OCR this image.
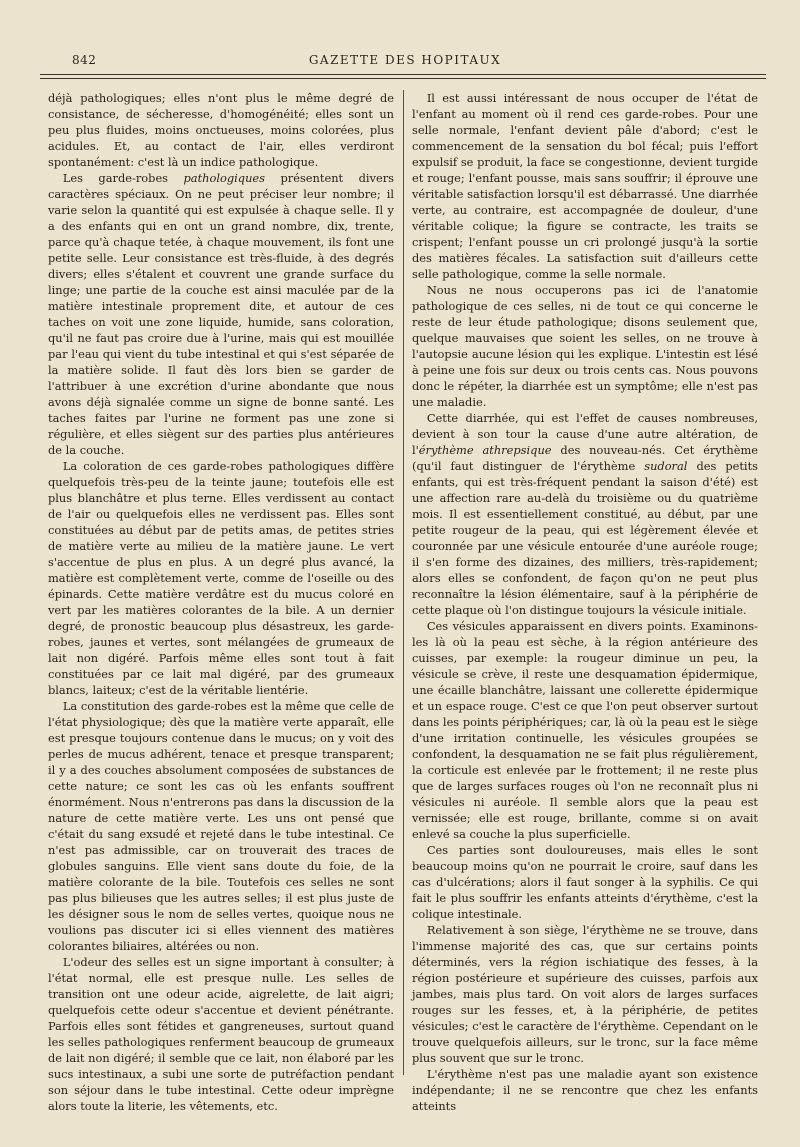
842	GAZETTE DES HOPITAUX

déjà pathologiques; elles n'ont plus le même degré de consistance, de sécheresse, d'homogénéité; elles sont un peu plus fluides, moins onctueuses, moins colorées, plus acidules. Et, au contact de l'air, elles verdiront spontanément: c'est là un indice pathologique.

Les garde-robes pathologiques présentent divers caractères spéciaux. On ne peut préciser leur nombre; il varie selon la quantité qui est expulsée à chaque selle. Il y a des enfants qui en ont un grand nombre, dix, trente, parce qu'à chaque tetée, à chaque mouvement, ils font une petite selle. Leur consistance est très-fluide, à des degrés divers; elles s'étalent et couvrent une grande surface du linge; une partie de la couche est ainsi maculée par de la matière intestinale proprement dite, et autour de ces taches on voit une zone liquide, humide, sans coloration, qu'il ne faut pas croire due à l'urine, mais qui est mouillée par l'eau qui vient du tube intestinal et qui s'est séparée de la matière solide. Il faut dès lors bien se garder de l'attribuer à une excrétion d'urine abondante que nous avons déjà signalée comme un signe de bonne santé. Les taches faites par l'urine ne forment pas une zone si régulière, et elles siègent sur des parties plus antérieures de la couche.

La coloration de ces garde-robes pathologiques diffère quelquefois très-peu de la teinte jaune; toutefois elle est plus blanchâtre et plus terne. Elles verdissent au contact de l'air ou quelquefois elles ne verdissent pas. Elles sont constituées au début par de petits amas, de petites stries de matière verte au milieu de la matière jaune. Le vert s'accentue de plus en plus. A un degré plus avancé, la matière est complètement verte, comme de l'oseille ou des épinards. Cette matière verdâtre est du mucus coloré en vert par les matières colorantes de la bile. A un dernier degré, de pronostic beaucoup plus désastreux, les garde-robes, jaunes et vertes, sont mélangées de grumeaux de lait non digéré. Parfois même elles sont tout à fait constituées par ce lait mal digéré, par des grumeaux blancs, laiteux; c'est de la véritable lientérie.

La constitution des garde-robes est la même que celle de l'état physiologique; dès que la matière verte apparaît, elle est presque toujours contenue dans le mucus; on y voit des perles de mucus adhérent, tenace et presque transparent; il y a des couches absolument composées de substances de cette nature; ce sont les cas où les enfants souffrent énormément. Nous n'entrerons pas dans la discussion de la nature de cette matière verte. Les uns ont pensé que c'était du sang exsudé et rejeté dans le tube intestinal. Ce n'est pas admissible, car on trouverait des traces de globules sanguins. Elle vient sans doute du foie, de la matière colorante de la bile. Toutefois ces selles ne sont pas plus bilieuses que les autres selles; il est plus juste de les désigner sous le nom de selles vertes, quoique nous ne voulions pas discuter ici si elles viennent des matières colorantes biliaires, altérées ou non.

L'odeur des selles est un signe important à consulter; à l'état normal, elle est presque nulle. Les selles de transition ont une odeur acide, aigrelette, de lait aigri; quelquefois cette odeur s'accentue et devient pénétrante. Parfois elles sont fétides et gangreneuses, surtout quand les selles pathologiques renferment beaucoup de grumeaux de lait non digéré; il semble que ce lait, non élaboré par les sucs intestinaux, a subi une sorte de putréfaction pendant son séjour dans le tube intestinal. Cette odeur imprègne alors toute la literie, les vêtements, etc.

Il est aussi intéressant de nous occuper de l'état de l'enfant au moment où il rend ces garde-robes. Pour une selle normale, l'enfant devient pâle d'abord; c'est le commencement de la sensation du bol fécal; puis l'effort expulsif se produit, la face se congestionne, devient turgide et rouge; l'enfant pousse, mais sans souffrir; il éprouve une véritable satisfaction lorsqu'il est débarrassé. Une diarrhée verte, au contraire, est accompagnée de douleur, d'une véritable colique; la figure se contracte, les traits se crispent; l'enfant pousse un cri prolongé jusqu'à la sortie des matières fécales. La satisfaction suit d'ailleurs cette selle pathologique, comme la selle normale.

Nous ne nous occuperons pas ici de l'anatomie pathologique de ces selles, ni de tout ce qui concerne le reste de leur étude pathologique; disons seulement que, quelque mauvaises que soient les selles, on ne trouve à l'autopsie aucune lésion qui les explique. L'intestin est lésé à peine une fois sur deux ou trois cents cas. Nous pouvons donc le répéter, la diarrhée est un symptôme; elle n'est pas une maladie.

Cette diarrhée, qui est l'effet de causes nombreuses, devient à son tour la cause d'une autre altération, de l'érythème athrepsique des nouveau-nés. Cet érythème (qu'il faut distinguer de l'érythème sudoral des petits enfants, qui est très-fréquent pendant la saison d'été) est une affection rare au-delà du troisième ou du quatrième mois. Il est essentiellement constitué, au début, par une petite rougeur de la peau, qui est légèrement élevée et couronnée par une vésicule entourée d'une auréole rouge; il s'en forme des dizaines, des milliers, très-rapidement; alors elles se confondent, de façon qu'on ne peut plus reconnaître la lésion élémentaire, sauf à la périphérie de cette plaque où l'on distingue toujours la vésicule initiale.

Ces vésicules apparaissent en divers points. Examinons-les là où la peau est sèche, à la région antérieure des cuisses, par exemple: la rougeur diminue un peu, la vésicule se crève, il reste une desquamation épidermique, une écaille blanchâtre, laissant une collerette épidermique et un espace rouge. C'est ce que l'on peut observer surtout dans les points périphériques; car, là où la peau est le siège d'une irritation continuelle, les vésicules groupées se confondent, la desquamation ne se fait plus régulièrement, la corticule est enlevée par le frottement; il ne reste plus que de larges surfaces rouges où l'on ne reconnaît plus ni vésicules ni auréole. Il semble alors que la peau est vernissée; elle est rouge, brillante, comme si on avait enlevé sa couche la plus superficielle.

Ces parties sont douloureuses, mais elles le sont beaucoup moins qu'on ne pourrait le croire, sauf dans les cas d'ulcérations; alors il faut songer à la syphilis. Ce qui fait le plus souffrir les enfants atteints d'érythème, c'est la colique intestinale.

Relativement à son siège, l'érythème ne se trouve, dans l'immense majorité des cas, que sur certains points déterminés, vers la région ischiatique des fesses, à la région postérieure et supérieure des cuisses, parfois aux jambes, mais plus tard. On voit alors de larges surfaces rouges sur les fesses, et, à la périphérie, de petites vésicules; c'est le caractère de l'érythème. Cependant on le trouve quelquefois ailleurs, sur le tronc, sur la face même plus souvent que sur le tronc.

L'érythème n'est pas une maladie ayant son existence indépendante; il ne se rencontre que chez les enfants atteints
